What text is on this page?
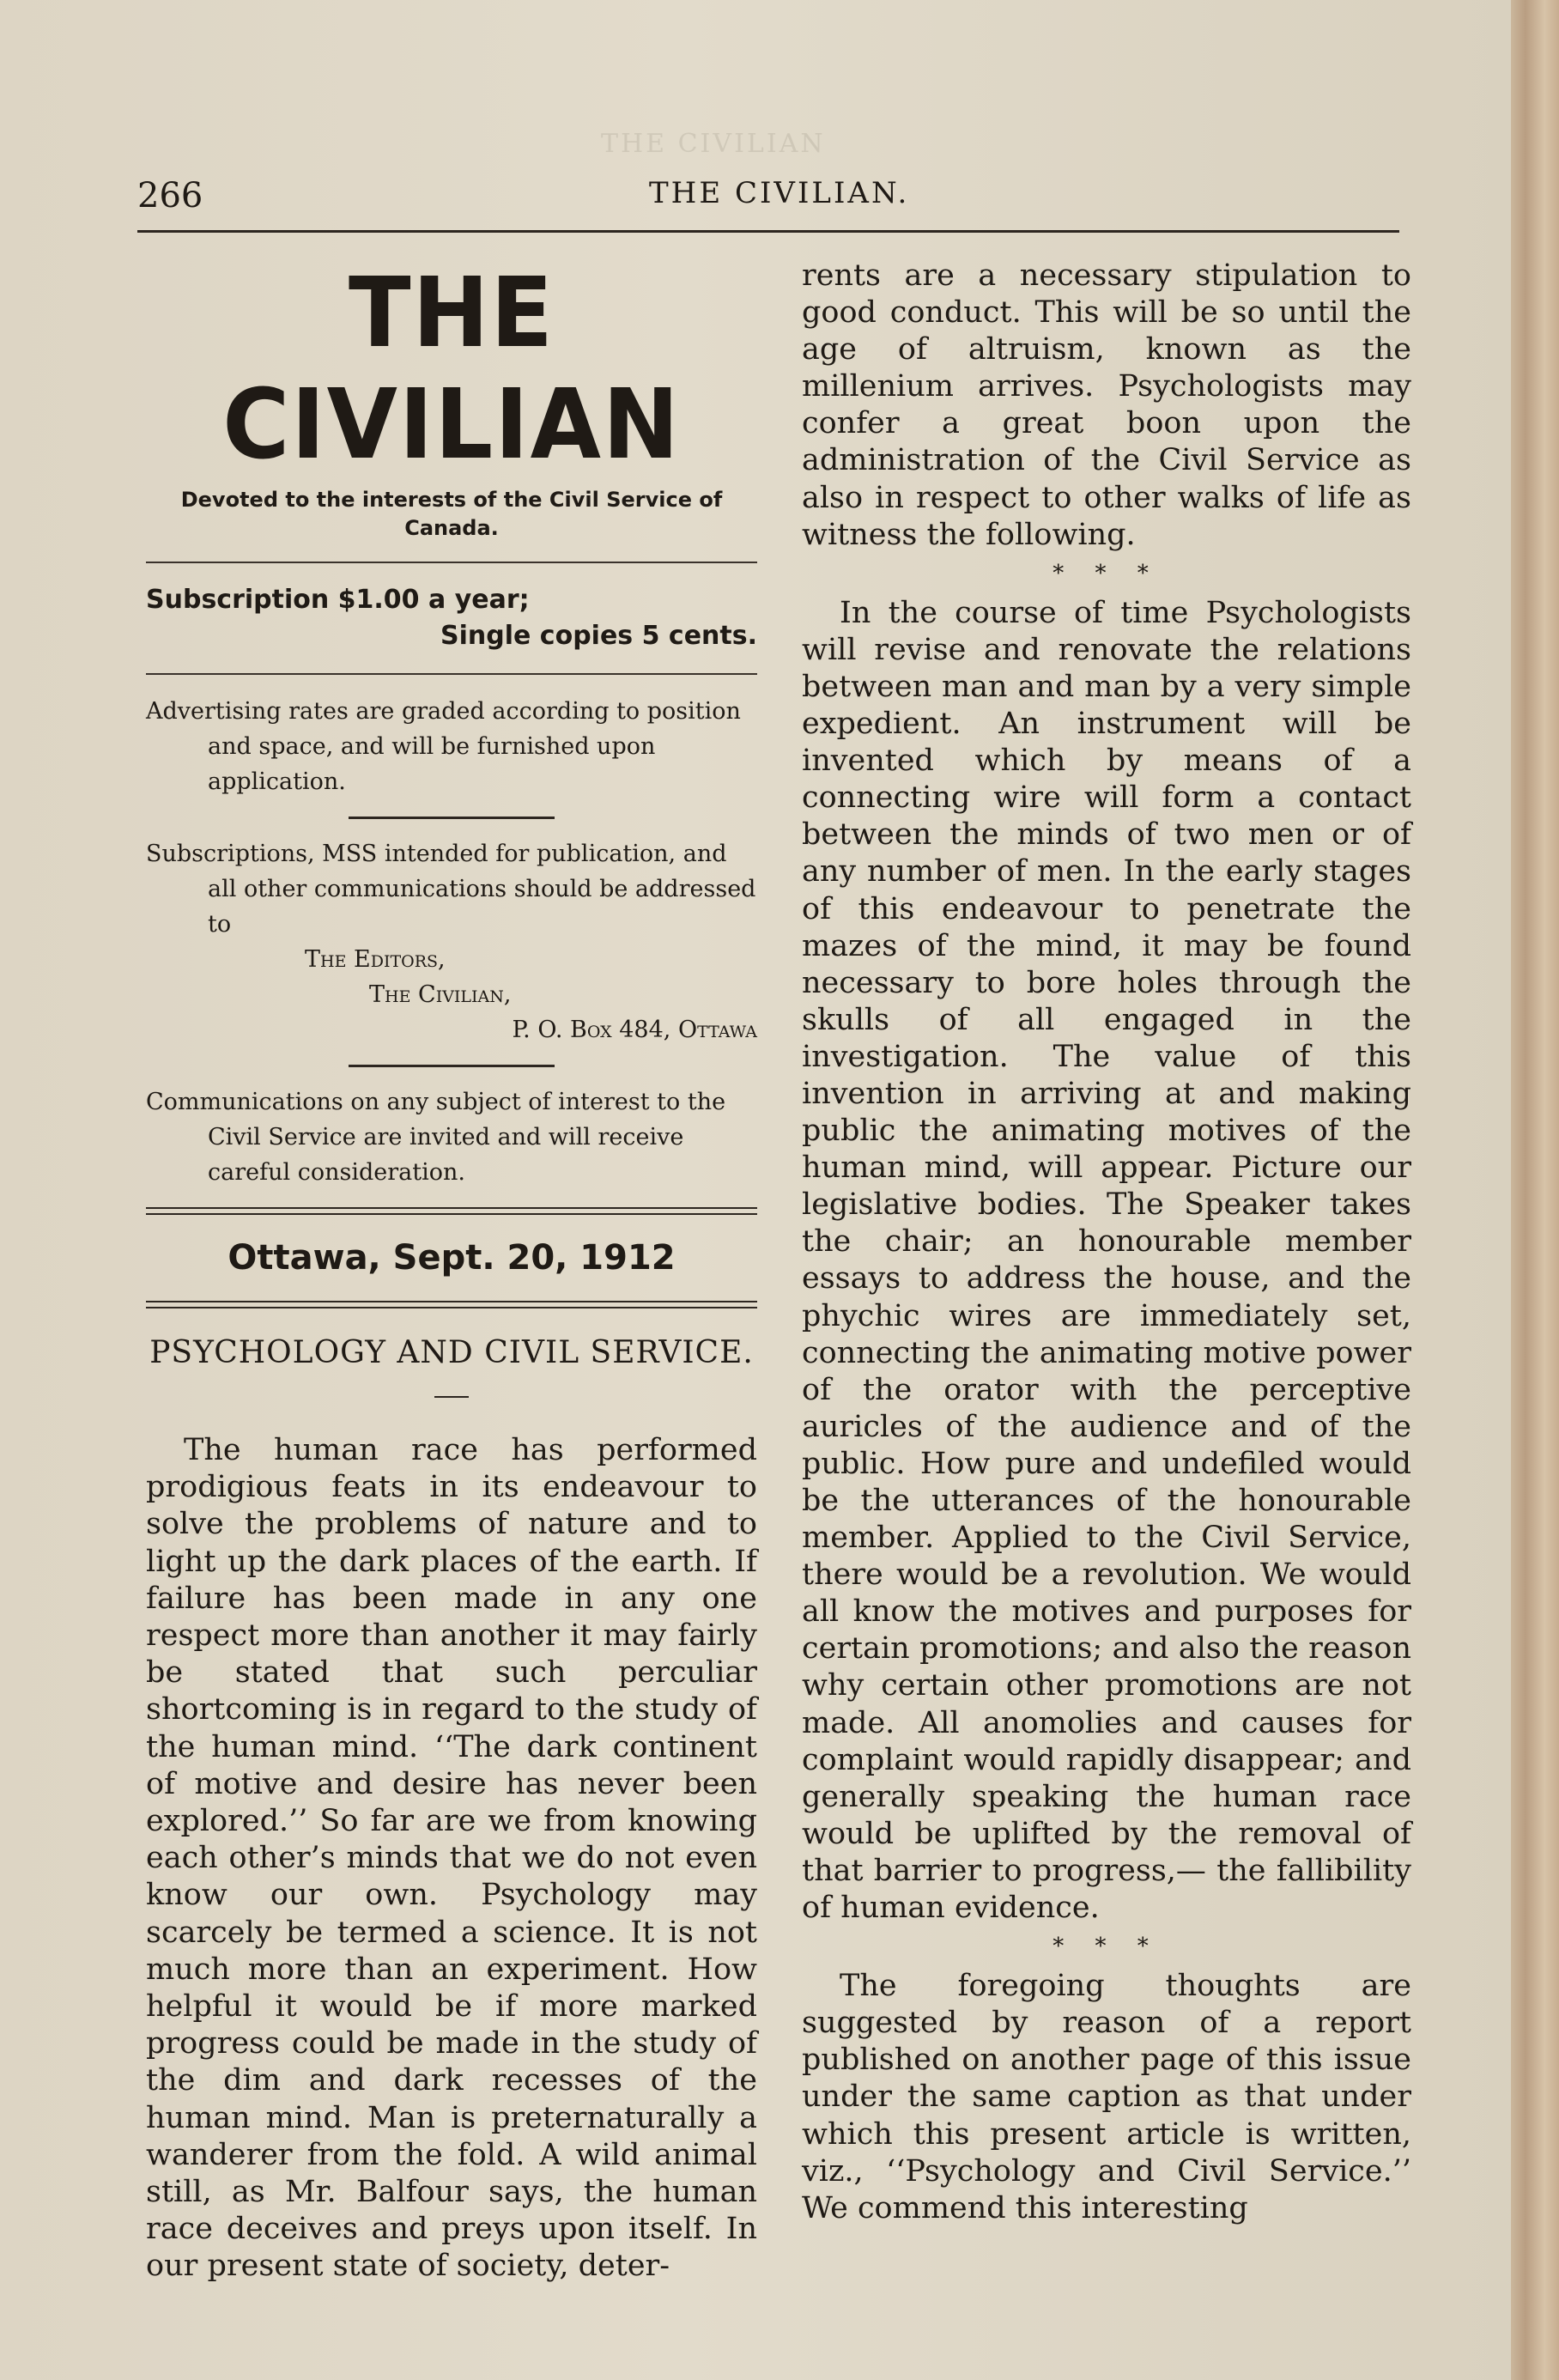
THE CIVILIAN
266	THE CIVILIAN.
THE CIVILIAN
Devoted to the interests of the Civil Service of Canada.
Subscription $1.00 a year;
Single copies 5 cents.
Advertising rates are graded according to position and space, and will be furnished upon application.
Subscriptions, MSS intended for publication, and all other communications should be addressed to
The Editors,
The Civilian,
P. O. Box 484, Ottawa
Communications on any subject of interest to the Civil Service are invited and will receive careful consideration.
Ottawa, Sept. 20, 1912
PSYCHOLOGY AND CIVIL SERVICE.

The human race has performed prodigious feats in its endeavour to solve the problems of nature and to light up the dark places of the earth. If failure has been made in any one respect more than another it may fairly be stated that such perculiar shortcoming is in regard to the study of the human mind. ‘‘The dark continent of motive and desire has never been explored.’’ So far are we from knowing each other’s minds that we do not even know our own. Psychology may scarcely be termed a science. It is not much more than an experiment. How helpful it would be if more marked progress could be made in the study of the dim and dark recesses of the human mind. Man is preternaturally a wanderer from the fold. A wild animal still, as Mr. Balfour says, the human race deceives and preys upon itself. In our present state of society, deter-

rents are a necessary stipulation to good conduct. This will be so until the age of altruism, known as the millenium arrives. Psychologists may confer a great boon upon the administration of the Civil Service as also in respect to other walks of life as witness the following.

* * *

In the course of time Psychologists will revise and renovate the relations between man and man by a very simple expedient. An instrument will be invented which by means of a connecting wire will form a contact between the minds of two men or of any number of men. In the early stages of this endeavour to penetrate the mazes of the mind, it may be found necessary to bore holes through the skulls of all engaged in the investigation. The value of this invention in arriving at and making public the animating motives of the human mind, will appear. Picture our legislative bodies. The Speaker takes the chair; an honourable member essays to address the house, and the phychic wires are immediately set, connecting the animating motive power of the orator with the perceptive auricles of the audience and of the public. How pure and undefiled would be the utterances of the honourable member. Applied to the Civil Service, there would be a revolution. We would all know the motives and purposes for certain promotions; and also the reason why certain other promotions are not made. All anomolies and causes for complaint would rapidly disappear; and generally speaking the human race would be uplifted by the removal of that barrier to progress,— the fallibility of human evidence.

* * *

The foregoing thoughts are suggested by reason of a report published on another page of this issue under the same caption as that under which this present article is written, viz., ‘‘Psychology and Civil Service.’’ We commend this interesting
